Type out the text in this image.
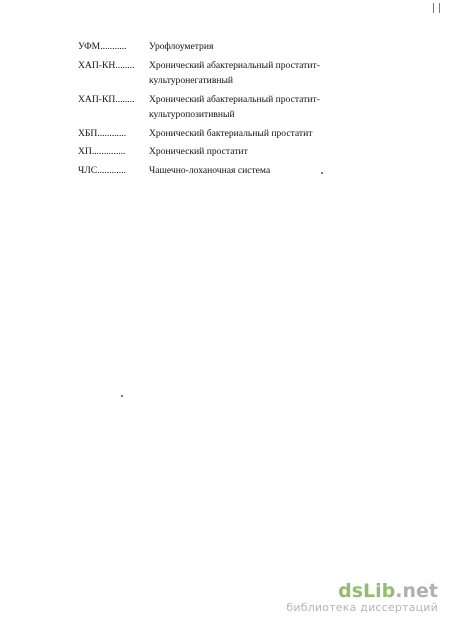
УФМ...........	Урофлоуметрия
ХАП-КН........	Хронический абактериальный простатит-
культуронегативный
ХАП-КП........	Хронический абактериальный простатит-
культуропозитивный
ХБП............	Хронический бактериальный простатит
ХП..............	Хронический простатит
ЧЛС............	Чашечно-лоханочная система
dsLib.net
библиотека диссертаций
